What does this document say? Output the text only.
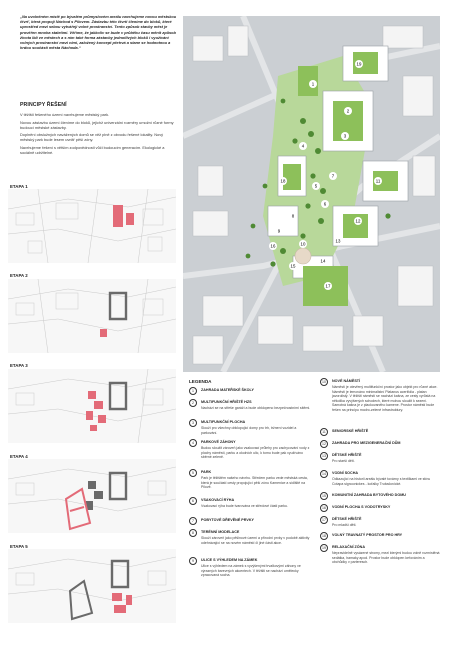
„Na uvolněném místě po bývalém průmyslovém areálu navrhujeme novou městskou čtvrť, která propojí Náchod s Pilovem. Zástavbu této čtvrti členíme do bloků, které uprostřed mezi sebou vytvářejí volné prostranství. Tento způsob stavby měst je prověřen mnoha staletími. Věříme, že jakkoliv se bude v průběhu času měnit způsob života lidí ve městech a s ním také forma zástavby jednotlivých bloků i využívání volných prostranství mezi nimi, založený koncept přetrvá a stane se hodnotnou a hrdou součástí města Náchoda.“
PRINCIPY ŘEŠENÍ

V těžišti řešeného území navrhujeme městský park.

Novou zástavbu území členíme do bloků, jejichž univerzální rozměry umožní různé formy budoucí městské zástavby.

Doplnění obslužných navážených domů se věž plně z obvodu řešené lokality. Nový městský park bude lesem uvnitř pěší zóny.

Navrhujeme řešení s větším zodpovědnosti vůči budoucím generacím. Ekologické a sociálně udržitelné.

ETAPA 1
ETAPA 2
ETAPA 3
ETAPA 4
ETAPA 5
1
2
3
4
5
6
7
8
9
10
11
12
13
14
15
16
17
18
19
LEGENDA
1	ZAHRADA MATEŘSKÉ ŠKOLY
2	MULTIFUNKČNÍ HŘIŠTĚ HZS
Nachází se na střeše garáží a bude obklopeno bezpečnostními sítěmi.
3	MULTIFUNKČNÍ PLOCHA
Slouží pro všechny obklopující domy pro trh, tržnení vozidel a parkování.
4	PARKOVÉ ZÁHONY
Budou sloužit zároveň jako vsakovací průlehy pro zachycování vody z plochy náměstí, parku a okolních ulic, k tomu bude pak využíváno sběrné zeleně.
5	PARK
Park je těžištěm našeho návrhu. Středem parku vede městská cesta, která je součástí cesty propojující pěší zónu Kamenice a sídliště na Pilově.
6	VSAKOVACÍ RÝHA
Vsakovací rýha bude tvarována ve středové části parku.
7	POBYTOVÉ DŘEVĚNÉ PRVKY
8	TERÉNNÍ MODELACE
Slouží zároveň jako pěšinové území a přírodní prvky v podobě aktivity odehrávající se na novém náměstí či jiné části akce.
9	ULICE S VÝHLEDEM NA ZÁMEK
Ulice s výhledem na zámek s vyvýšenými trvalkovými záhony ve výrazných barevných akcentech. V těžišti se nachází umělecky zpracovaná socha.
10	NOVÉ NÁMĚSTÍ
Náměstí je otevřený multifunkční prostor jako objekt pro různé akce. Náměstí je lemováno minimalistní Platanus acerifolia - platan javorolistý. V těžišti náměstí se nachází kašna, ze cesty vyrůstá na několika vyvýšených schodech, které mohou sloužit k sezení. Samotná kašna je z plackovaného kamene. Prostor náměstí bude řešen na principu modro-zelené infrastruktury.
11	SENIORSKÉ HŘIŠTĚ
12	ZAHRADA PRO MEZIGENERAČNÍ DŮM
13	DĚTSKÉ HŘIŠTĚ
Pro starší děti.
14	VODNÍ SOCHA
Odkazující na historii areálu bývalé továrny s textilkami ve stínu Cotapa signoonickes - kořalky Trubačovické.
15	KOMUNITNÍ ZAHRADA BYTOVÉHO DOMU
16	VODNÍ PLOCHA S VODOTRYSKY
17	DĚTSKÉ HŘIŠTĚ
Pro mladší děti.
18	VOLNÝ TRAVNATÝ PROSTOR PRO HRY
19	RELAXAČNÍ ZÓNA
Nepravidelně vysázené stromy, mezi kterými budou volně rozmístěná sedátka, hamaky apod. Prostor bude obklopen keřováním a obchůdky v parteresch.
